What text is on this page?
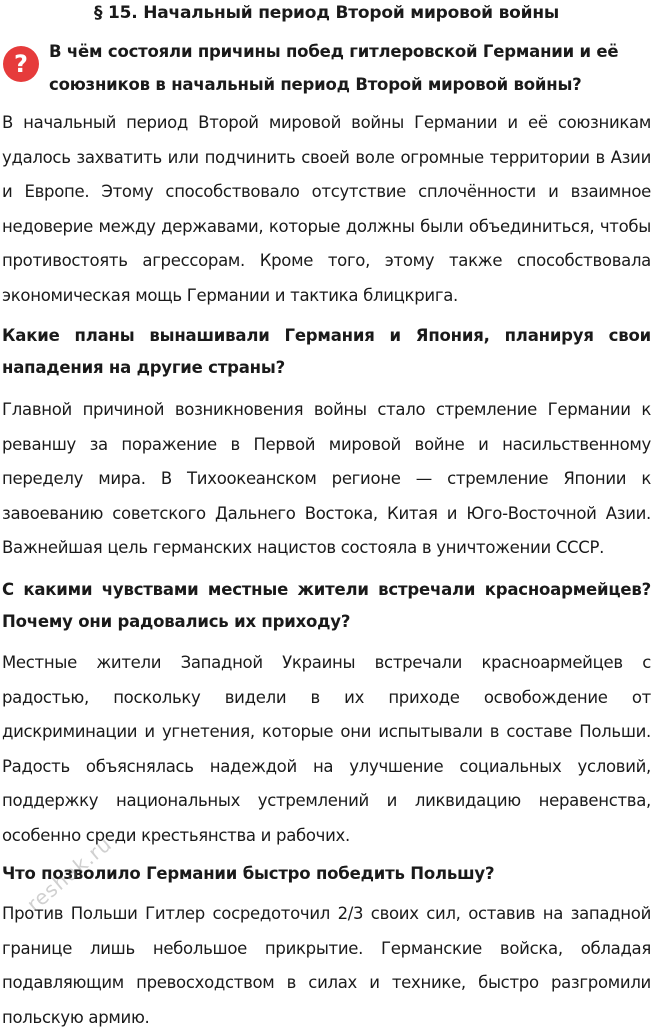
§ 15. Начальный период Второй мировой войны
?	В чём состояли причины побед гитлеровской Германии и её союзников в начальный период Второй мировой войны?
В начальный период Второй мировой войны Германии и её союзникам удалось захватить или подчинить своей воле огромные территории в Азии и Европе. Этому способствовало отсутствие сплочённости и взаимное недоверие между державами, которые должны были объединиться, чтобы противостоять агрессорам. Кроме того, этому также способствовала экономическая мощь Германии и тактика блицкрига.
Какие планы вынашивали Германия и Япония, планируя свои нападения на другие страны?
Главной причиной возникновения войны стало стремление Германии к реваншу за поражение в Первой мировой войне и насильственному переделу мира. В Тихоокеанском регионе — стремление Японии к завоеванию советского Дальнего Востока, Китая и Юго-Восточной Азии. Важнейшая цель германских нацистов состояла в уничтожении СССР.
С какими чувствами местные жители встречали красноармейцев? Почему они радовались их приходу?
Местные жители Западной Украины встречали красноармейцев с радостью, поскольку видели в их приходе освобождение от дискриминации и угнетения, которые они испытывали в составе Польши. Радость объяснялась надеждой на улучшение социальных условий, поддержку национальных устремлений и ликвидацию неравенства, особенно среди крестьянства и рабочих.
Что позволило Германии быстро победить Польшу?
Против Польши Гитлер сосредоточил 2/3 своих сил, оставив на западной границе лишь небольшое прикрытие. Германские войска, обладая подавляющим превосходством в силах и технике, быстро разгромили польскую армию.
reshak.ru
